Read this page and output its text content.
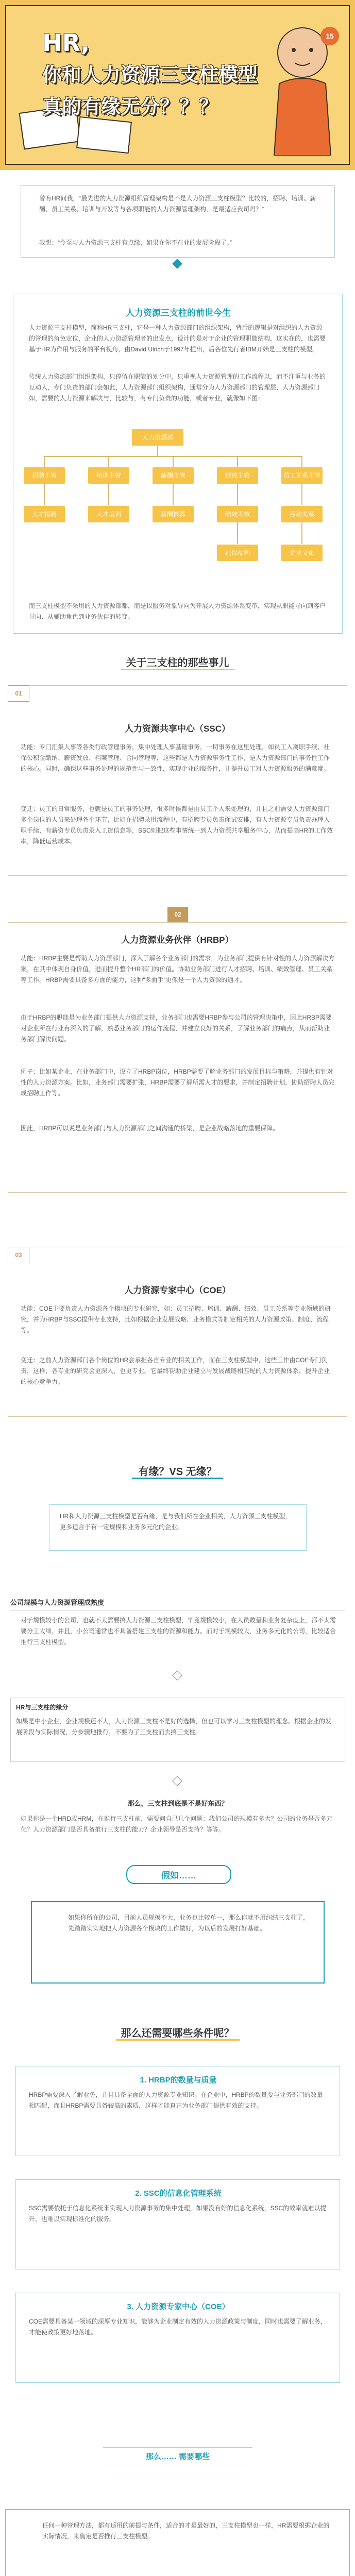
HR,
你和人力资源三支柱模型
真的有缘无分？？？
15
曾有HR问我，“最先进的人力资源组织管理架构是不是人力资源三支柱模型？比较的，招聘、培训、薪酬、员工关系、培训与开发等与各项职能的人力资源管理架构，是最适应我司吗？”
我想：“今至与人力资源三支柱有点缘，如果在你不在业的发展阶段了。”
人力资源三支柱的前世今生
人力资源三支柱模型，简称HR三支柱，它是一种人力资源部门的组织架构，背后的逻辑是对组织的人力资源的管理的角色定位，企业的人力资源管理者的出发点，设计的是对于企业的管理职能结构，这实在的，也需要基于HR为作用与服务的平台视角，由David Ulrich于1997年提出，后各位先行者IBM开始是三支柱的模型。
传统人力资源部门组织架构，只停留在职能的划分中，只重视人力资源管理的工作流程以，而不注重与业务的互动人，专门负责的部门会如此，人力资源部门组织架构，通常分为人力资源部门的管理层，人力资源部门如，需要的人力资源来解决与，比较与，有专门负责的功能，或者专业，就像如下图：
人力资源部
招聘主管	培训主管	薪酬主管	绩效主管	员工关系主管
人才招聘	人才培训	薪酬核算	绩效考核	劳动关系
社保福利	企业文化
而三支柱模型不采用的人力资源部都，而是以服务对象导向为开展人力资源体系变革，实现从职能导向到客户导向、从辅助角色到业务伙伴的转变。
关于三支柱的那些事儿
01
人力资源共享中心（SSC）
功能：专门汇集人事等各类行政管理事务，集中处理人事基础事务，一切事务在这里处理，如员工入离职手续、社保公积金缴纳、薪资发放、档案管理、合同管理等，这些都是人力资源事务性工作，是人力资源部门的事务性工作的核心。同时，确保这些事务处理的规范性与一致性，实现企业的服务性，并提升员工对人力资源服务的满意度。
变迁：员工的日常服务，也就是员工的事务处理，很多时候都是由员工个人来处理的，并且之前需要人力资源部门多个岗位的人员来处理各个环节，比如在招聘录用流程中，有招聘专员负责面试安排，有人力资源专员负责办理入职手续，有薪资专员负责录入工资信息等，SSC则把这些事情统一到人力资源共享服务中心，从而提高HR的工作效率，降低运营成本。
02
人力资源业务伙伴（HRBP）
功能：HRBP主要是帮助人力资源部门，深入了解各个业务部门的需求，为业务部门提供有针对性的人力资源解决方案，在其中体现自身价值，进而提升整个HR部门的价值。协助业务部门进行人才招聘、培训、绩效管理、员工关系等工作。HRBP需要具备多方面的能力，这种“多面手”更像是一个人力资源的通才。
由于HRBP的职能是为业务部门提供人力资源支持，业务部门也需要HRBP参与公司的管理决策中，因此HRBP需要对企业所在行业有深入的了解，熟悉业务部门的运作流程，并建立良好的关系，了解业务部门的痛点，从而帮助业务部门解决问题。
例子：比如某企业，在业务部门中，设立了HRBP岗位，HRBP需要了解业务部门的发展目标与策略，并提供有针对性的人力资源方案。比如，业务部门需要扩张，HRBP需要了解所需人才的要求，并制定招聘计划，协助招聘人员完成招聘工作等。
因此，HRBP可以说是业务部门与人力资源部门之间沟通的桥梁，是企业战略落地的重要保障。
03
人力资源专家中心（COE）
功能：COE主要负责人力资源各个模块的专业研究，如：员工招聘、培训、薪酬、绩效、员工关系等专业领域的研究，并为HRBP与SSC提供专业支持，比如根据企业发展战略、业务模式等制定相关的人力资源政策、制度、流程等。
变迁：之前人力资源部门各个岗位的HR会承担各自专业的相关工作，而在三支柱模型中，这些工作由COE专门负责，这样，各专业的研究会更深入，也更专业。它最终帮助企业建立与发展战略相匹配的人力资源体系，提升企业的核心竞争力。
有缘？VS 无缘？
HR和人力资源三支柱模型是否有缘，是与我们所在企业相关，人力资源三支柱模型，更多适合于有一定规模和业务多元化的企业。
公司规模与人力资源管理成熟度
对于规模较小的公司，也就不太需要搞人力资源三支柱模型，毕竟规模较小，在人员数量和业务复杂度上，都不太需要分工太细，并且，小公司通常也不具备搭建三支柱的资源和能力。而对于规模较大，业务多元化的公司，比较适合推行三支柱模型。
HR与三支柱的缘分
如果是中小企业，企业规模还不大，人力资源三支柱不是好的选择，但也可以学习三支柱模型的理念。根据企业的发展阶段与实际情况，分步骤地推行，不要为了三支柱而去搞三支柱。
那么，三支柱到底是不是好东西？
如果你是一个HRD或HRM，在推行三支柱前，需要问自己几个问题：我们公司的规模有多大？公司的业务是否多元化？人力资源部门是否具备推行三支柱的能力？企业领导是否支持？等等。
假如……
如果你所在的公司，目前人员规模不大，业务也比较单一，那么你就不用纠结三支柱了，先踏踏实实地把人力资源各个模块的工作做好，为以后的发展打好基础。
那么还需要哪些条件呢？
1. HRBP的数量与质量
HRBP需要深入了解业务，并且具备全面的人力资源专业知识。在企业中，HRBP的数量要与业务部门的数量相匹配，而且HRBP需要具备较高的素质，这样才能真正为业务部门提供有效的支持。
2. SSC的信息化管理系统
SSC需要依托于信息化系统来实现人力资源事务的集中处理，如果没有好的信息化系统，SSC的效率就难以提升，也难以实现标准化的服务。
3. 人力资源专家中心（COE）
COE需要具备某一领域的深厚专业知识，能够为企业制定有效的人力资源政策与制度，同时也需要了解业务，才能使政策更好地落地。
那么…… 需要哪些
任何一种管理方法，都有适用的前提与条件，适合的才是最好的，三支柱模型也一样，HR需要根据企业的实际情况，来确定是否推行三支柱模型。
